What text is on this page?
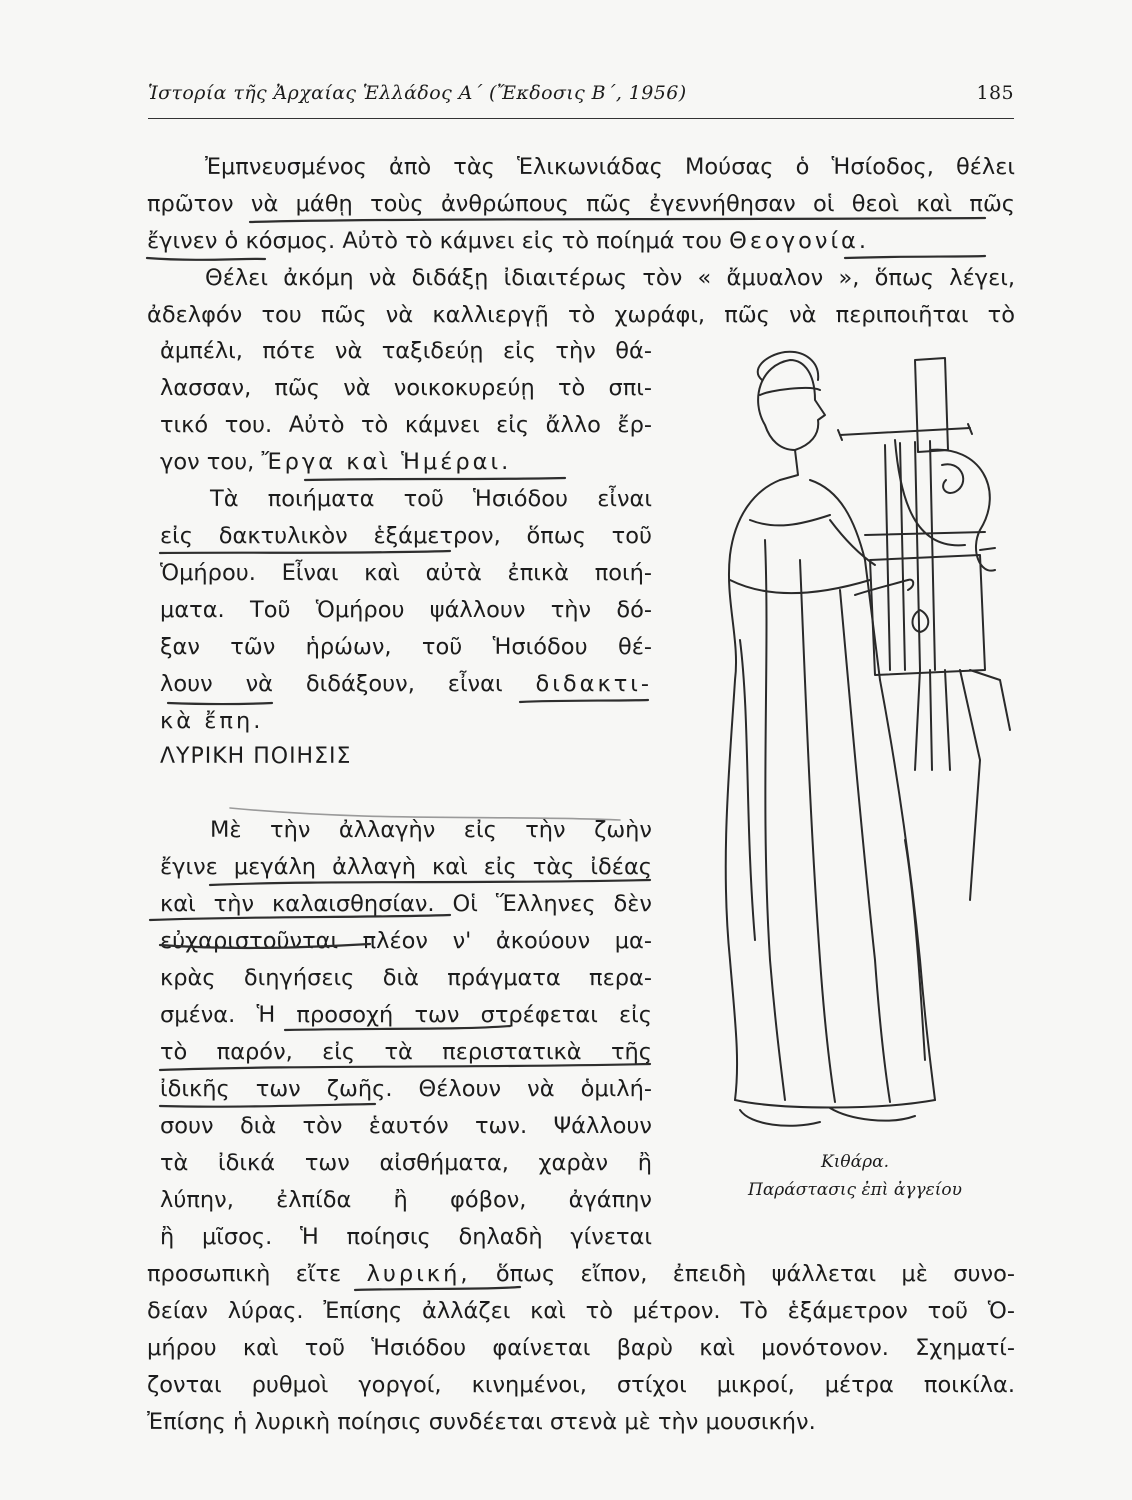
Ἱστορία τῆς Ἀρχαίας Ἑλλάδος Α΄ (Ἔκδοσις Β΄, 1956)	185
Ἐμπνευσμένος ἀπὸ τὰς Ἑλικωνιάδας Μούσας ὁ Ἡσίοδος, θέλει
πρῶτον νὰ μάθῃ τοὺς ἀνθρώπους πῶς ἐγεννήθησαν οἱ θεοὶ καὶ πῶς
ἔγινεν ὁ κόσμος. Αὐτὸ τὸ κάμνει εἰς τὸ ποίημά του Θεογονία.
Θέλει ἀκόμη νὰ διδάξῃ ἰδιαιτέρως τὸν « ἄμυαλον », ὅπως λέγει,
ἀδελφόν του πῶς νὰ καλλιεργῇ τὸ χωράφι, πῶς νὰ περιποιῆται τὸ
ἀμπέλι, πότε νὰ ταξιδεύῃ εἰς τὴν θά-
λασσαν, πῶς νὰ νοικοκυρεύῃ τὸ σπι-
τικό του. Αὐτὸ τὸ κάμνει εἰς ἄλλο ἔρ-
γον του, Ἔργα καὶ Ἡμέραι.
Τὰ ποιήματα τοῦ Ἡσιόδου εἶναι
εἰς δακτυλικὸν ἑξάμετρον, ὅπως τοῦ
Ὁμήρου. Εἶναι καὶ αὐτὰ ἐπικὰ ποιή-
ματα. Τοῦ Ὁμήρου ψάλλουν τὴν δό-
ξαν τῶν ἡρώων, τοῦ Ἡσιόδου θέ-
λουν νὰ διδάξουν, εἶναι διδακτι-
κὰ ἔπη.
ΛΥΡΙΚΗ ΠΟΙΗΣΙΣ
Μὲ τὴν ἀλλαγὴν εἰς τὴν ζωὴν
ἔγινε μεγάλη ἀλλαγὴ καὶ εἰς τὰς ἰδέας
καὶ τὴν καλαισθησίαν. Οἱ Ἕλληνες δὲν
εὐχαριστοῦνται πλέον ν' ἀκούουν μα-
κρὰς διηγήσεις διὰ πράγματα περα-
σμένα. Ἡ προσοχή των στρέφεται εἰς
τὸ παρόν, εἰς τὰ περιστατικὰ τῆς
ἰδικῆς των ζωῆς. Θέλουν νὰ ὁμιλή-
σουν διὰ τὸν ἑαυτόν των. Ψάλλουν
τὰ ἰδικά των αἰσθήματα, χαρὰν ἢ
λύπην, ἐλπίδα ἢ φόβον, ἀγάπην
ἢ μῖσος. Ἡ ποίησις δηλαδὴ γίνεται
προσωπικὴ εἴτε λυρική, ὅπως εἴπον, ἐπειδὴ ψάλλεται μὲ συνο-
δείαν λύρας. Ἐπίσης ἀλλάζει καὶ τὸ μέτρον. Τὸ ἑξάμετρον τοῦ Ὁ-
μήρου καὶ τοῦ Ἡσιόδου φαίνεται βαρὺ καὶ μονότονον. Σχηματί-
ζονται ρυθμοὶ γοργοί, κινημένοι, στίχοι μικροί, μέτρα ποικίλα.
Ἐπίσης ἡ λυρικὴ ποίησις συνδέεται στενὰ μὲ τὴν μουσικήν.
Κιθάρα.
Παράστασις ἐπὶ ἀγγείου
